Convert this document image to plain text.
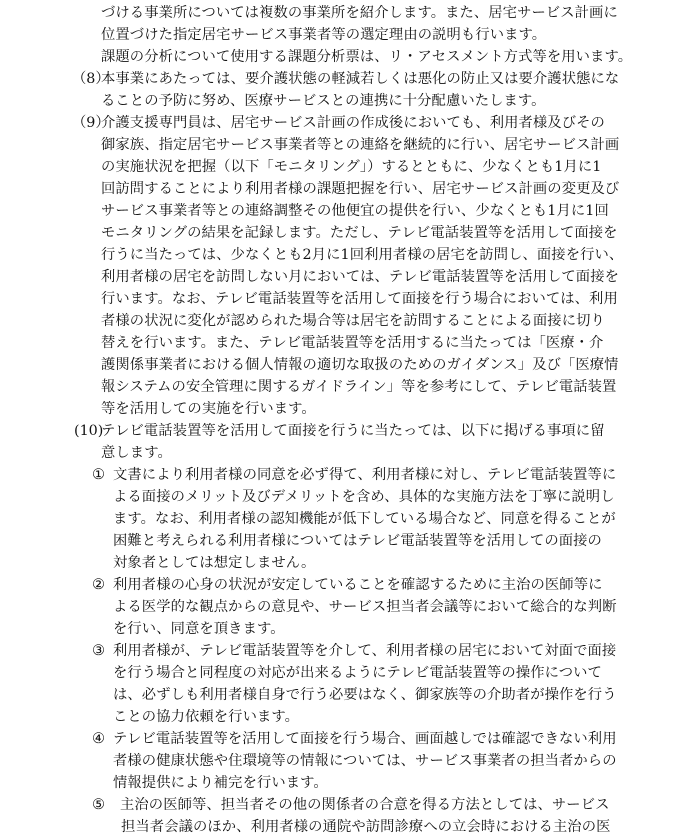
づける事業所については複数の事業所を紹介します。また、居宅サービス計画に
位置づけた指定居宅サービス事業者等の選定理由の説明も行います。
課題の分析について使用する課題分析票は、リ・アセスメント方式等を用います。
（8）
本事業にあたっては、要介護状態の軽減若しくは悪化の防止又は要介護状態にな
ることの予防に努め、医療サービスとの連携に十分配慮いたします。
（9）
介護支援専門員は、居宅サービス計画の作成後においても、利用者様及びその
御家族、指定居宅サービス事業者等との連絡を継続的に行い、居宅サービス計画
の実施状況を把握（以下「モニタリング」）するとともに、少なくとも1月に1
回訪問することにより利用者様の課題把握を行い、居宅サービス計画の変更及び
サービス事業者等との連絡調整その他便宜の提供を行い、少なくとも1月に1回
モニタリングの結果を記録します。ただし、テレビ電話装置等を活用して面接を
行うに当たっては、少なくとも2月に1回利用者様の居宅を訪問し、面接を行い、
利用者様の居宅を訪問しない月においては、テレビ電話装置等を活用して面接を
行います。なお、テレビ電話装置等を活用して面接を行う場合においては、利用
者様の状況に変化が認められた場合等は居宅を訪問することによる面接に切り
替えを行います。また、テレビ電話装置等を活用するに当たっては「医療・介
護関係事業者における個人情報の適切な取扱のためのガイダンス」及び「医療情
報システムの安全管理に関するガイドライン」等を参考にして、テレビ電話装置
等を活用しての実施を行います。
(10)
テレビ電話装置等を活用して面接を行うに当たっては、以下に掲げる事項に留
意します。
① 文書により利用者様の同意を必ず得て、利用者様に対し、テレビ電話装置等に
よる面接のメリット及びデメリットを含め、具体的な実施方法を丁寧に説明し
ます。なお、利用者様の認知機能が低下している場合など、同意を得ることが
困難と考えられる利用者様についてはテレビ電話装置等を活用しての面接の
対象者としては想定しません。
② 利用者様の心身の状況が安定していることを確認するために主治の医師等に
よる医学的な観点からの意見や、サービス担当者会議等において総合的な判断
を行い、同意を頂きます。
③ 利用者様が、テレビ電話装置等を介して、利用者様の居宅において対面で面接
を行う場合と同程度の対応が出来るようにテレビ電話装置等の操作について
は、必ずしも利用者様自身で行う必要はなく、御家族等の介助者が操作を行う
ことの協力依頼を行います。
④ テレビ電話装置等を活用して面接を行う場合、画面越しでは確認できない利用
者様の健康状態や住環境等の情報については、サービス事業者の担当者からの
情報提供により補完を行います。
⑤ 主治の医師等、担当者その他の関係者の合意を得る方法としては、サービス
担当者会議のほか、利用者様の通院や訪問診療への立会時における主治の医
